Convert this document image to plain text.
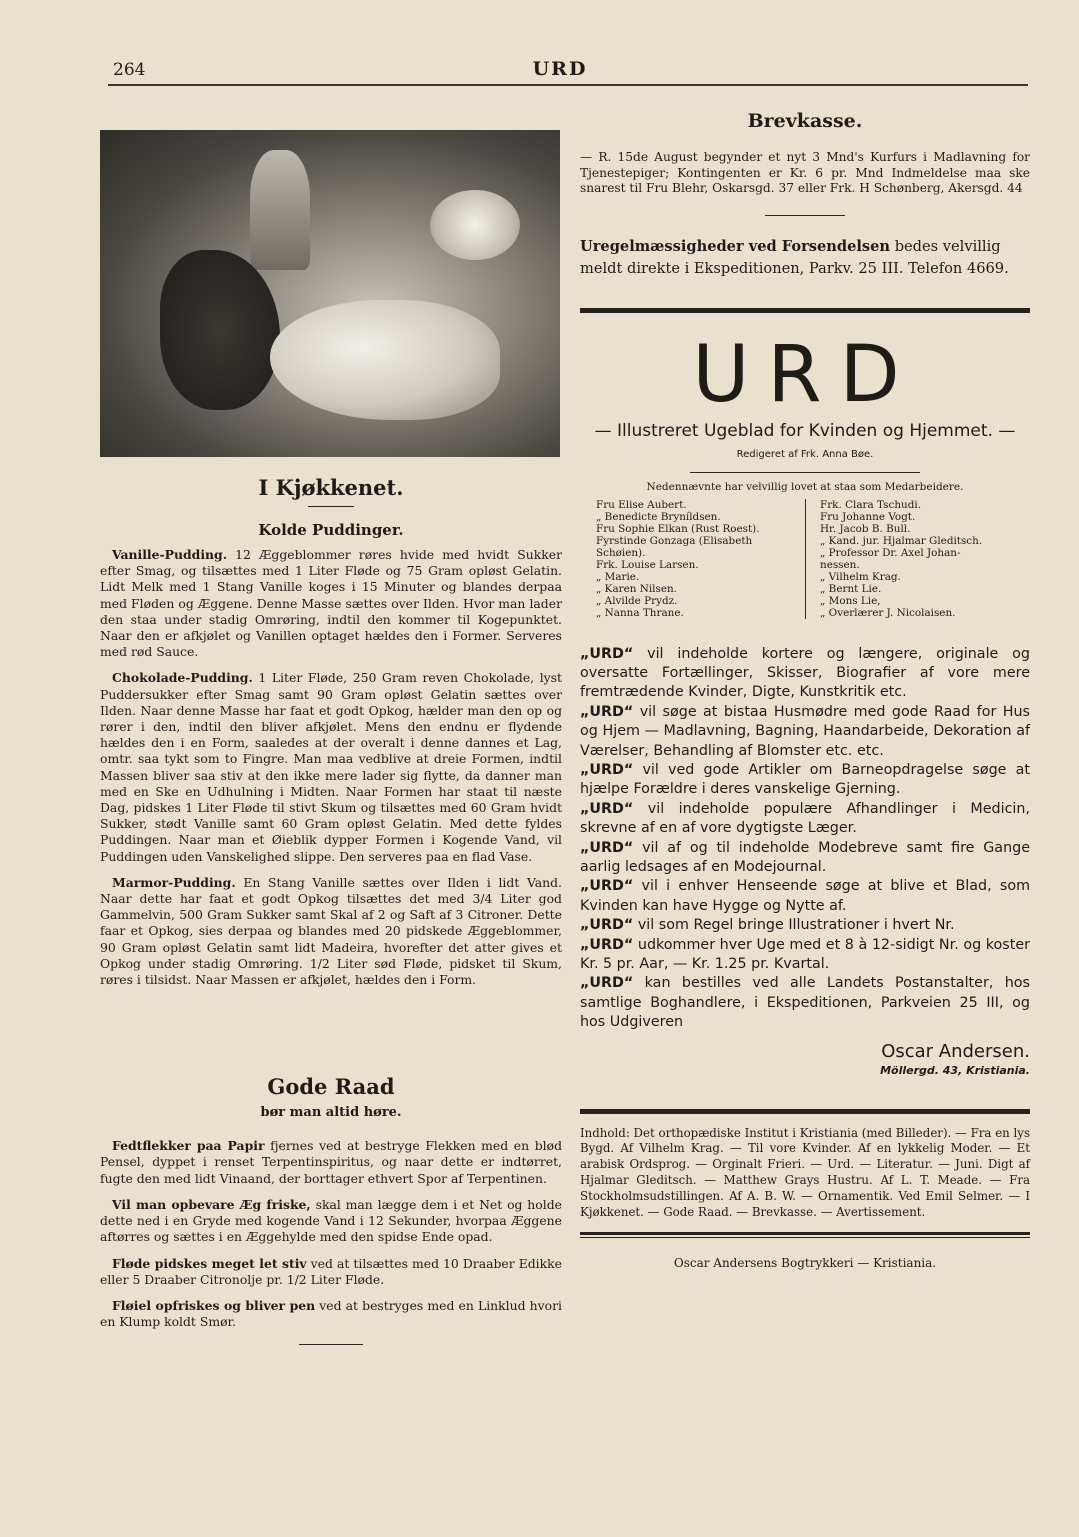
264	URD
I Kjøkkenet.
Kolde Puddinger.

Vanille-Pudding. 12 Æggeblommer røres hvide med hvidt Sukker efter Smag, og tilsættes med 1 Liter Fløde og 75 Gram opløst Gelatin. Lidt Melk med 1 Stang Vanille koges i 15 Minuter og blandes derpaa med Fløden og Æggene. Denne Masse sættes over Ilden. Hvor man lader den staa under stadig Omrøring, indtil den kommer til Kogepunktet. Naar den er afkjølet og Vanillen optaget hældes den i Former. Serveres med rød Sauce.

Chokolade-Pudding. 1 Liter Fløde, 250 Gram reven Chokolade, lyst Puddersukker efter Smag samt 90 Gram opløst Gelatin sættes over Ilden. Naar denne Masse har faat et godt Opkog, hælder man den op og rører i den, indtil den bliver afkjølet. Mens den endnu er flydende hældes den i en Form, saaledes at der overalt i denne dannes et Lag, omtr. saa tykt som to Fingre. Man maa vedblive at dreie Formen, indtil Massen bliver saa stiv at den ikke mere lader sig flytte, da danner man med en Ske en Udhulning i Midten. Naar Formen har staat til næste Dag, pidskes 1 Liter Fløde til stivt Skum og tilsættes med 60 Gram hvidt Sukker, stødt Vanille samt 60 Gram opløst Gelatin. Med dette fyldes Puddingen. Naar man et Øieblik dypper Formen i Kogende Vand, vil Puddingen uden Vanskelighed slippe. Den serveres paa en flad Vase.

Marmor-Pudding. En Stang Vanille sættes over Ilden i lidt Vand. Naar dette har faat et godt Opkog tilsættes det med 3/4 Liter god Gammelvin, 500 Gram Sukker samt Skal af 2 og Saft af 3 Citroner. Dette faar et Opkog, sies derpaa og blandes med 20 pidskede Æggeblommer, 90 Gram opløst Gelatin samt lidt Madeira, hvorefter det atter gives et Opkog under stadig Omrøring. 1/2 Liter sød Fløde, pidsket til Skum, røres i tilsidst. Naar Massen er afkjølet, hældes den i Form.

Gode Raad
bør man altid høre.

Fedtflekker paa Papir fjernes ved at bestryge Flekken med en blød Pensel, dyppet i renset Terpentinspiritus, og naar dette er indtørret, fugte den med lidt Vinaand, der borttager ethvert Spor af Terpentinen.

Vil man opbevare Æg friske, skal man lægge dem i et Net og holde dette ned i en Gryde med kogende Vand i 12 Sekunder, hvorpaa Æggene aftørres og sættes i en Æggehylde med den spidse Ende opad.

Fløde pidskes meget let stiv ved at tilsættes med 10 Draaber Edikke eller 5 Draaber Citronolje pr. 1/2 Liter Fløde.

Fløiel opfriskes og bliver pen ved at bestryges med en Linklud hvori en Klump koldt Smør.

Brevkasse.

— R. 15de August begynder et nyt 3 Mnd's Kurfurs i Madlavning for Tjenestepiger; Kontingenten er Kr. 6 pr. Mnd Indmeldelse maa ske snarest til Fru Blehr, Oskarsgd. 37 eller Frk. H Schønberg, Akersgd. 44

Uregelmæssigheder ved Forsendelsen bedes velvillig meldt direkte i Ekspeditionen, Parkv. 25 III. Telefon 4669.

URD
— Illustreret Ugeblad for Kvinden og Hjemmet. —
Redigeret af Frk. Anna Bøe.
Nedennævnte har velvillig lovet at staa som Medarbeidere.
Fru Elise Aubert.
„ Benedicte Bryníldsen.
Fru Sophie Elkan (Rust Roest).
Fyrstinde Gonzaga (Elisabeth
Schøien).
Frk. Louise Larsen.
„ Marie.
„ Karen Nilsen.
„ Alvilde Prydz.
„ Nanna Thrane.
Frk. Clara Tschudi.
Fru Johanne Vogt.
Hr. Jacob B. Bull.
„ Kand. jur. Hjalmar Gleditsch.
„ Professor Dr. Axel Johan-
nessen.
„ Vilhelm Krag.
„ Bernt Lie.
„ Mons Lie,
„ Overlærer J. Nicolaisen.

„URD“ vil indeholde kortere og længere, originale og oversatte Fortællinger, Skisser, Biografier af vore mere fremtrædende Kvinder, Digte, Kunstkritik etc.

„URD“ vil søge at bistaa Husmødre med gode Raad for Hus og Hjem — Madlavning, Bagning, Haandarbeide, Dekoration af Værelser, Behandling af Blomster etc. etc.

„URD“ vil ved gode Artikler om Barneopdragelse søge at hjælpe Forældre i deres vanskelige Gjerning.

„URD“ vil indeholde populære Afhandlinger i Medicin, skrevne af en af vore dygtigste Læger.

„URD“ vil af og til indeholde Modebreve samt fire Gange aarlig ledsages af en Modejournal.

„URD“ vil i enhver Henseende søge at blive et Blad, som Kvinden kan have Hygge og Nytte af.

„URD“ vil som Regel bringe Illustrationer i hvert Nr.

„URD“ udkommer hver Uge med et 8 à 12-sidigt Nr. og koster Kr. 5 pr. Aar, — Kr. 1.25 pr. Kvartal.

„URD“ kan bestilles ved alle Landets Postanstalter, hos samtlige Boghandlere, i Ekspeditionen, Parkveien 25 III, og hos Udgiveren

Oscar Andersen.
Möllergd. 43, Kristiania.

Indhold: Det orthopædiske Institut i Kristiania (med Billeder). — Fra en lys Bygd. Af Vilhelm Krag. — Til vore Kvinder. Af en lykkelig Moder. — Et arabisk Ordsprog. — Orginalt Frieri. — Urd. — Literatur. — Juni. Digt af Hjalmar Gleditsch. — Matthew Grays Hustru. Af L. T. Meade. — Fra Stockholmsudstillingen. Af A. B. W. — Ornamentik. Ved Emil Selmer. — I Kjøkkenet. — Gode Raad. — Brevkasse. — Avertissement.

Oscar Andersens Bogtrykkeri — Kristiania.
